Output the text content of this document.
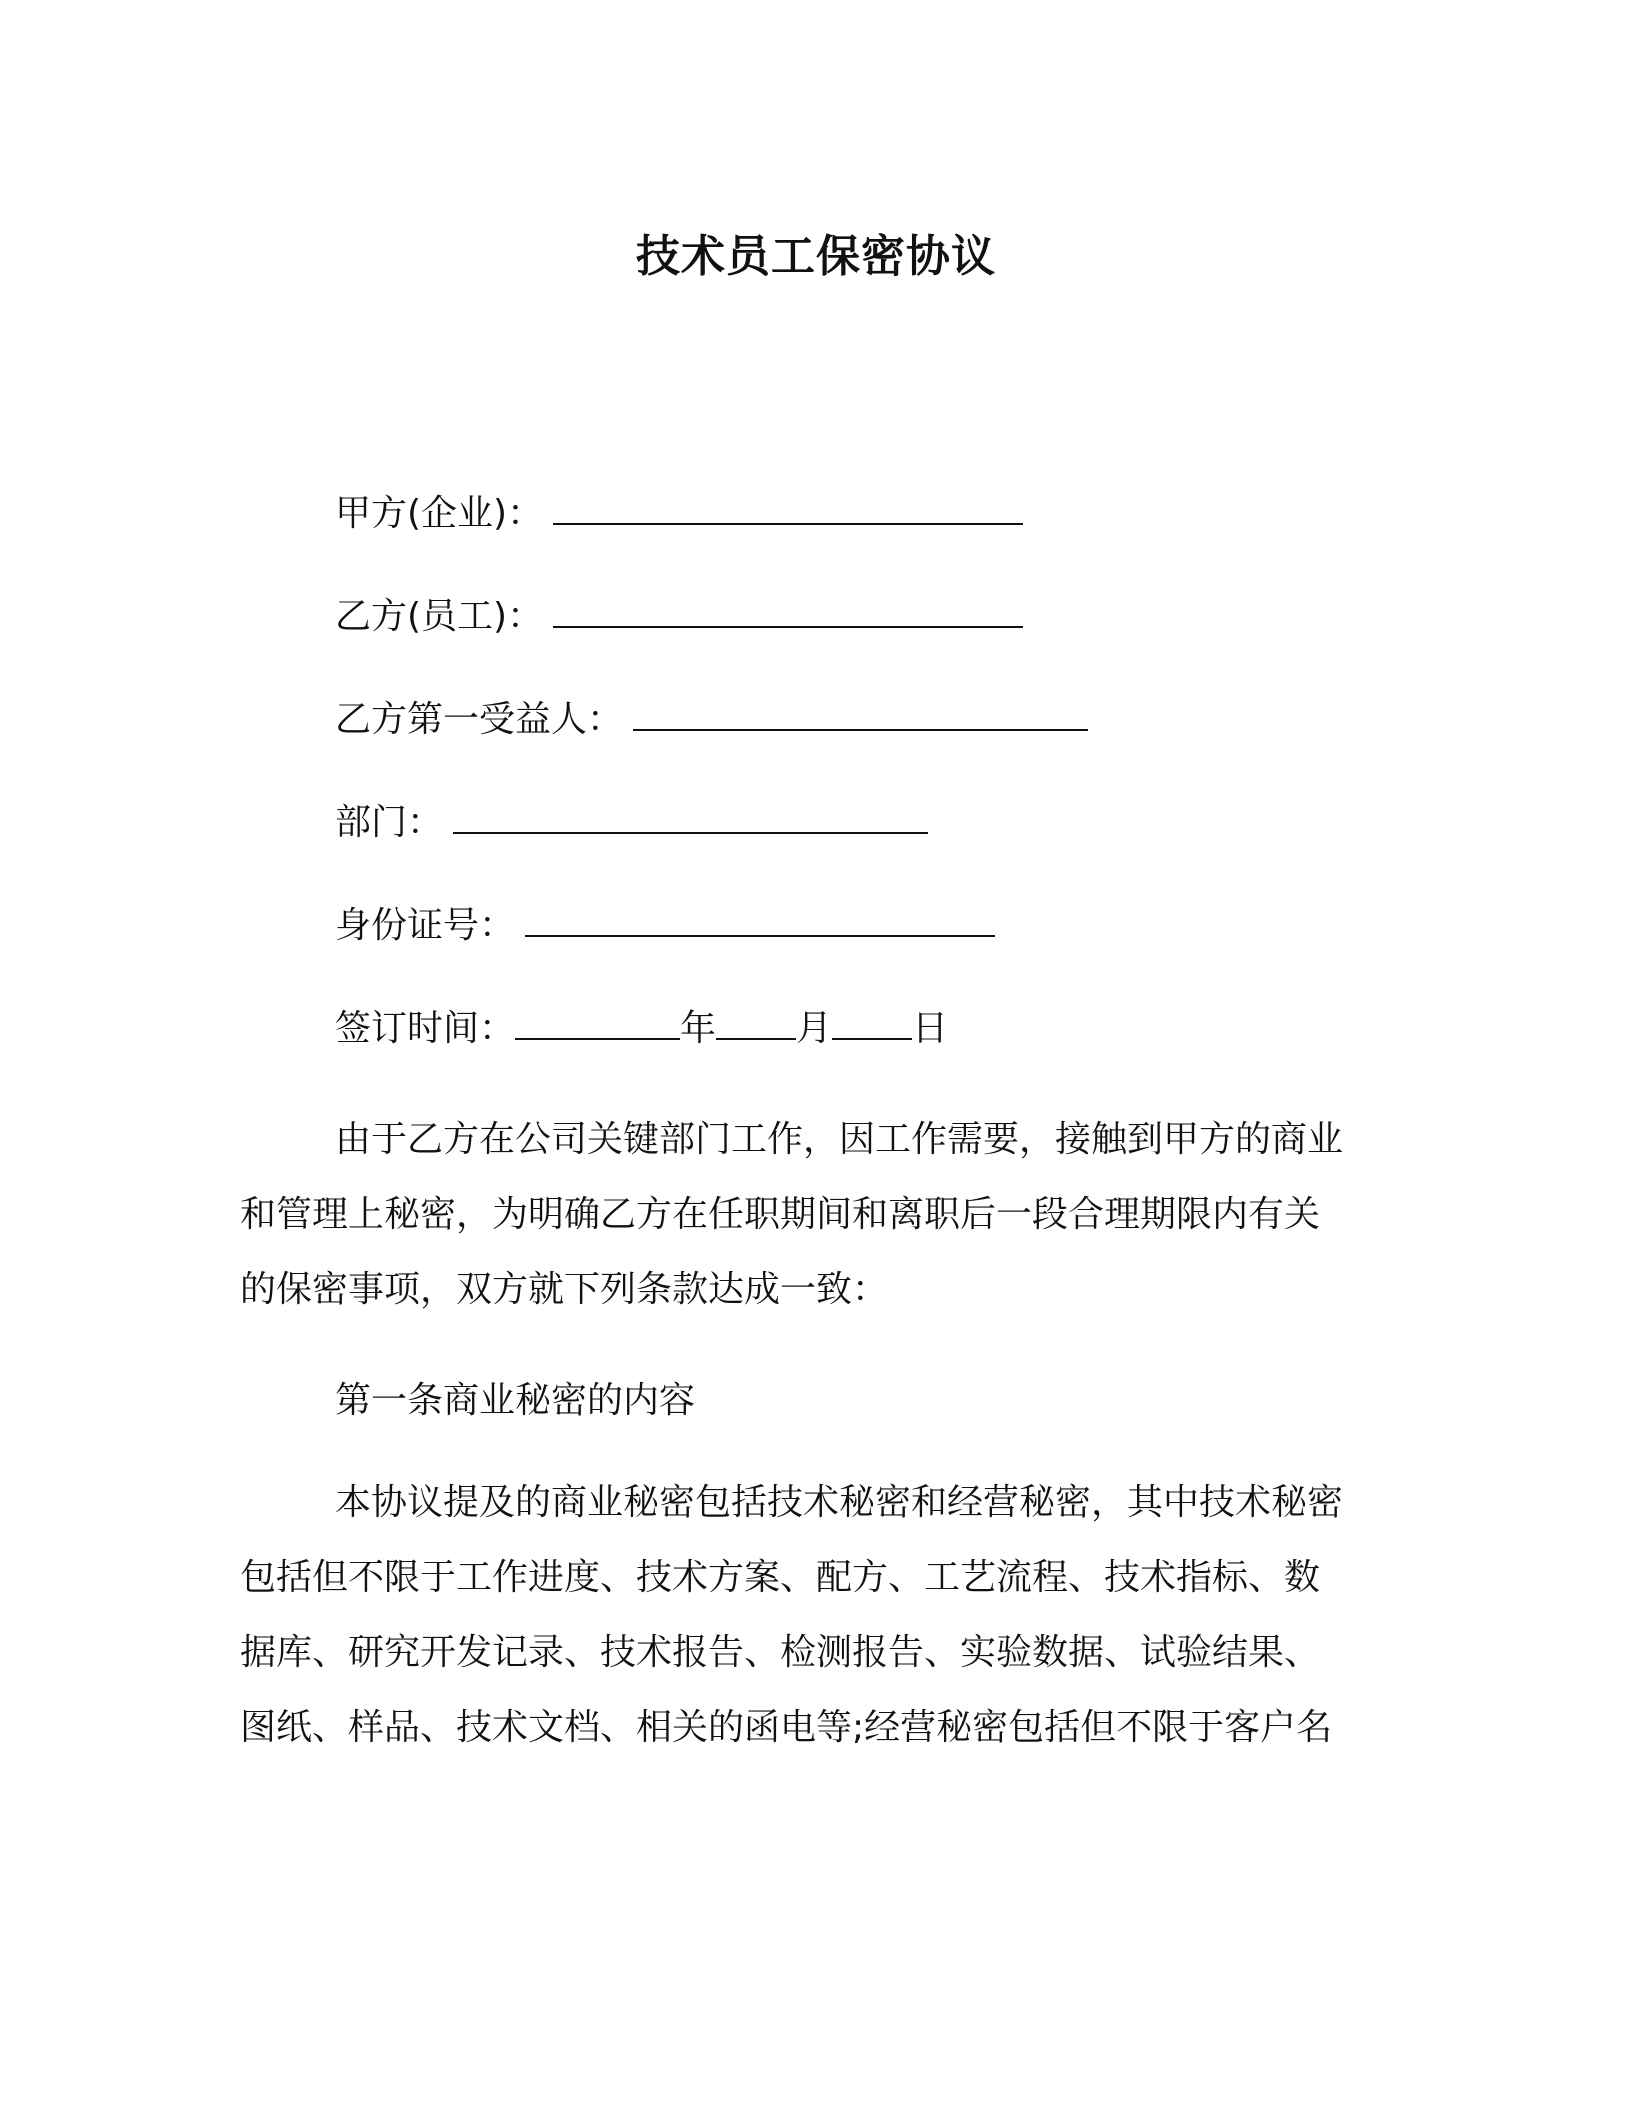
技术员工保密协议
甲方(企业)：
乙方(员工)：
乙方第一受益人：
部门：
身份证号：
签订时间：	年 月 日
由于乙方在公司关键部门工作，因工作需要，接触到甲方的商业
和管理上秘密，为明确乙方在任职期间和离职后一段合理期限内有关
的保密事项，双方就下列条款达成一致：
第一条商业秘密的内容
本协议提及的商业秘密包括技术秘密和经营秘密，其中技术秘密
包括但不限于工作进度、技术方案、配方、工艺流程、技术指标、数
据库、研究开发记录、技术报告、检测报告、实验数据、试验结果、
图纸、样品、技术文档、相关的函电等;经营秘密包括但不限于客户名
